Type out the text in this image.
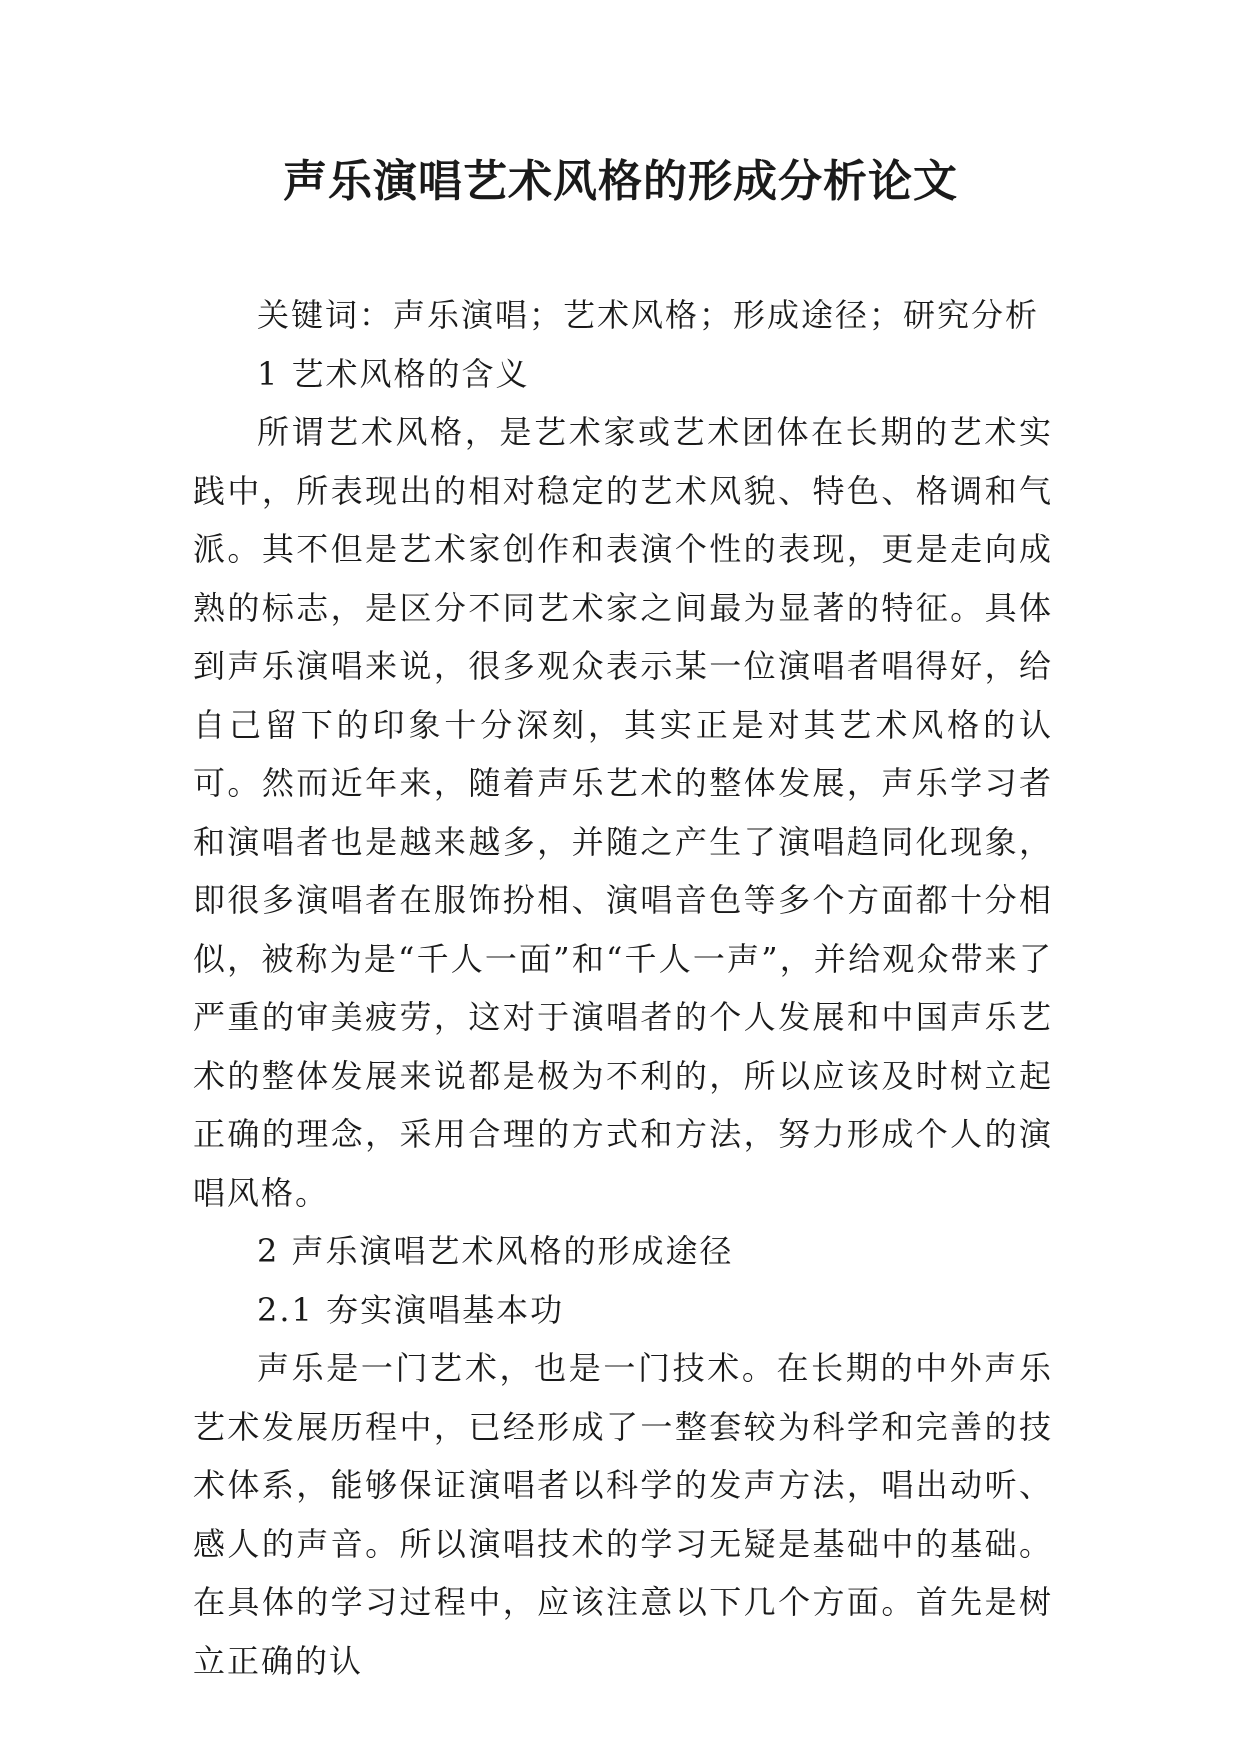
声乐演唱艺术风格的形成分析论文

关键词：声乐演唱；艺术风格；形成途径；研究分析

1 艺术风格的含义

所谓艺术风格，是艺术家或艺术团体在长期的艺术实践中，所表现出的相对稳定的艺术风貌、特色、格调和气派。其不但是艺术家创作和表演个性的表现，更是走向成熟的标志，是区分不同艺术家之间最为显著的特征。具体到声乐演唱来说，很多观众表示某一位演唱者唱得好，给自己留下的印象十分深刻，其实正是对其艺术风格的认可。然而近年来，随着声乐艺术的整体发展，声乐学习者和演唱者也是越来越多，并随之产生了演唱趋同化现象，即很多演唱者在服饰扮相、演唱音色等多个方面都十分相似，被称为是“千人一面”和“千人一声”，并给观众带来了严重的审美疲劳，这对于演唱者的个人发展和中国声乐艺术的整体发展来说都是极为不利的，所以应该及时树立起正确的理念，采用合理的方式和方法，努力形成个人的演唱风格。

2 声乐演唱艺术风格的形成途径

2.1 夯实演唱基本功

声乐是一门艺术，也是一门技术。在长期的中外声乐艺术发展历程中，已经形成了一整套较为科学和完善的技术体系，能够保证演唱者以科学的发声方法，唱出动听、感人的声音。所以演唱技术的学习无疑是基础中的基础。在具体的学习过程中，应该注意以下几个方面。首先是树立正确的认
